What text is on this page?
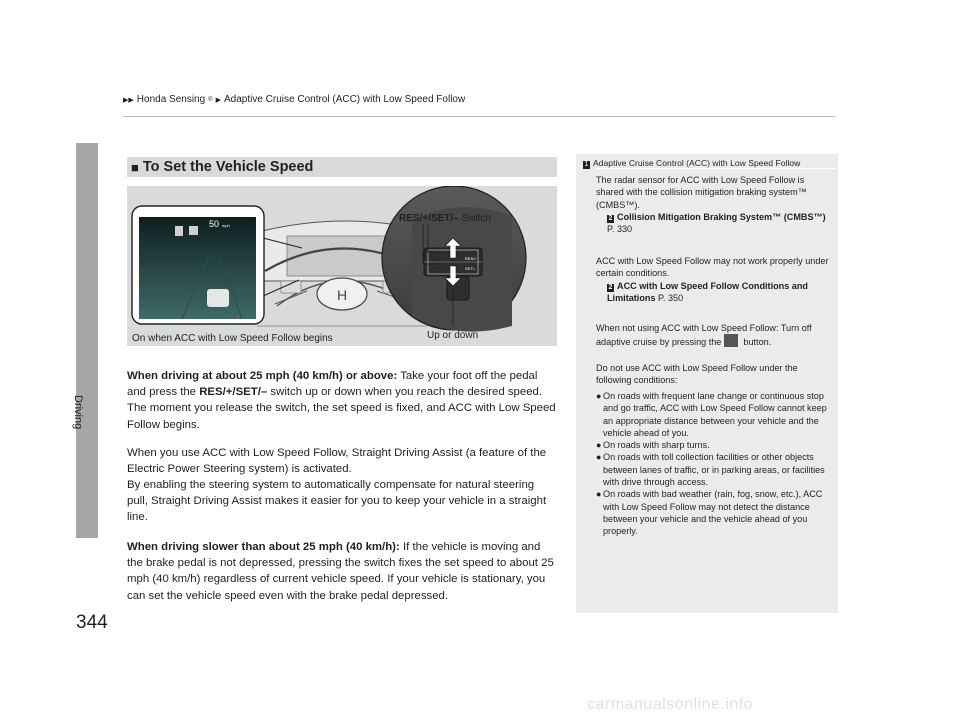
▶▶ Honda Sensing ® ▶ Adaptive Cruise Control (ACC) with Low Speed Follow
Driving
344
■ To Set the Vehicle Speed
H
50 mph
RES/+
SET/–
RES/+/SET/– Switch
On when ACC with Low Speed Follow begins	Up or down
When driving at about 25 mph (40 km/h) or above: Take your foot off the pedal and press the RES/+/SET/– switch up or down when you reach the desired speed. The moment you release the switch, the set speed is fixed, and ACC with Low Speed Follow begins.
When you use ACC with Low Speed Follow, Straight Driving Assist (a feature of the Electric Power Steering system) is activated.
By enabling the steering system to automatically compensate for natural steering pull, Straight Driving Assist makes it easier for you to keep your vehicle in a straight line.
When driving slower than about 25 mph (40 km/h): If the vehicle is moving and the brake pedal is not depressed, pressing the switch fixes the set speed to about 25 mph (40 km/h) regardless of current vehicle speed. If your vehicle is stationary, you can set the vehicle speed even with the brake pedal depressed.
1 Adaptive Cruise Control (ACC) with Low Speed Follow
The radar sensor for ACC with Low Speed Follow is shared with the collision mitigation braking system™ (CMBS™).
2 Collision Mitigation Braking System™ (CMBS™) P. 330
ACC with Low Speed Follow may not work properly under certain conditions.
2 ACC with Low Speed Follow Conditions and Limitations P. 350
When not using ACC with Low Speed Follow: Turn off adaptive cruise by pressing the  button.
Do not use ACC with Low Speed Follow under the following conditions:
● On roads with frequent lane change or continuous stop and go traffic, ACC with Low Speed Follow cannot keep an appropriate distance between your vehicle and the vehicle ahead of you.
● On roads with sharp turns.
● On roads with toll collection facilities or other objects between lanes of traffic, or in parking areas, or facilities with drive through access.
● On roads with bad weather (rain, fog, snow, etc.), ACC with Low Speed Follow may not detect the distance between your vehicle and the vehicle ahead of you properly.
carmanualsonline.info
